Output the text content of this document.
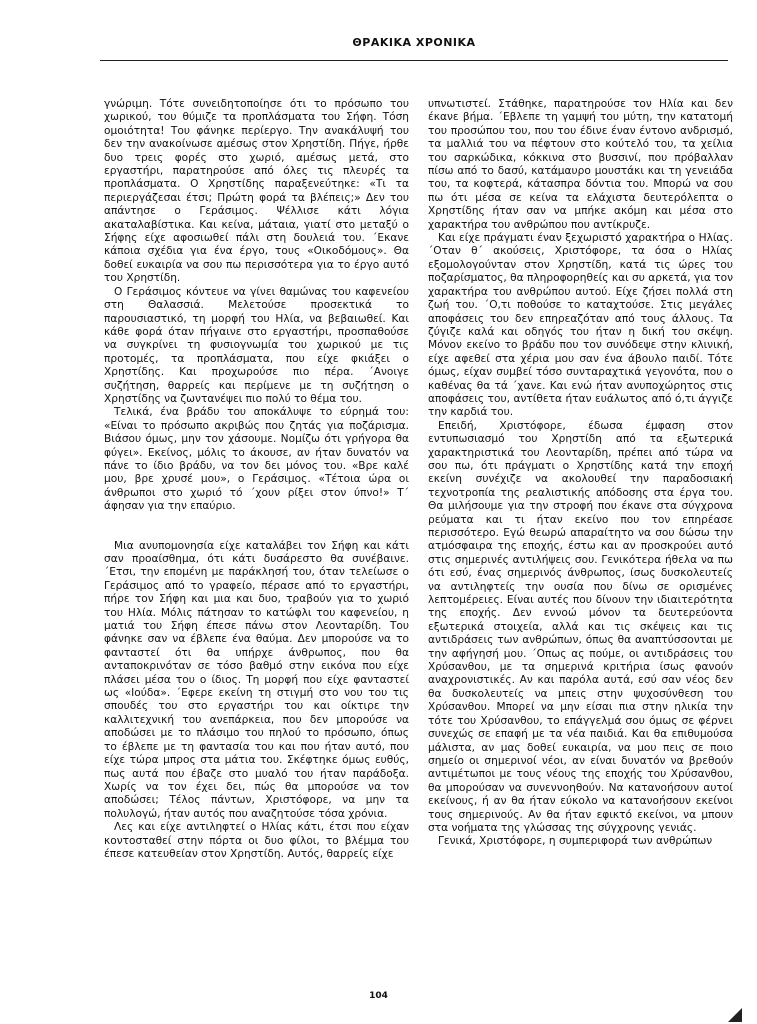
ΘΡΑΚΙΚΑ ΧΡΟΝΙΚΑ

γνώριμη. Τότε συνειδητοποίησε ότι το πρόσωπο του χωρικού, του θύμιζε τα προπλάσματα του Σήφη. Τόση ομοιότητα! Του φάνηκε περίεργο. Την ανακάλυψή του δεν την ανακοίνωσε αμέσως στον Χρηστίδη. Πήγε, ήρθε δυο τρεις φορές στο χωριό, αμέσως μετά, στο εργαστήρι, παρατηρούσε από όλες τις πλευρές τα προπλάσματα. Ο Χρηστίδης παραξενεύτηκε: «Τι τα περιεργάζεσαι έτσι; Πρώτη φορά τα βλέπεις;» Δεν του απάντησε ο Γεράσιμος. Ψέλλισε κάτι λόγια ακαταλαβίστικα. Και κείνα, μάταια, γιατί στο μεταξύ ο Σήφης είχε αφοσιωθεί πάλι στη δουλειά του. ΄Εκανε κάποια σχέδια για ένα έργο, τους «Οικοδόμους». Θα δοθεί ευκαιρία να σου πω περισσότερα για το έργο αυτό του Χρηστίδη.

Ο Γεράσιμος κόντευε να γίνει θαμώνας του καφενείου στη Θαλασσιά. Μελετούσε προσεκτικά το παρουσιαστικό, τη μορφή του Ηλία, να βεβαιωθεί. Και κάθε φορά όταν πήγαινε στο εργαστήρι, προσπαθούσε να συγκρίνει τη φυσιογνωμία του χωρικού με τις προτομές, τα προπλάσματα, που είχε φκιάξει ο Χρηστίδης. Και προχωρούσε πιο πέρα. ΄Ανοιγε συζήτηση, θαρρείς και περίμενε με τη συζήτηση ο Χρηστίδης να ζωντανέψει πιο πολύ το θέμα του.

Τελικά, ένα βράδυ του αποκάλυψε το εύρημά του: «Είναι το πρόσωπο ακριβώς που ζητάς για ποζάρισμα. Βιάσου όμως, μην τον χάσουμε. Νομίζω ότι γρήγορα θα φύγει». Εκείνος, μόλις το άκουσε, αν ήταν δυνατόν να πάνε το ίδιο βράδυ, να τον δει μόνος του. «Βρε καλέ μου, βρε χρυσέ μου», ο Γεράσιμος. «Τέτοια ώρα οι άνθρωποι στο χωριό τό ΄χουν ρίξει στον ύπνο!» Τ΄ άφησαν για την επαύριο.

Μια ανυπομονησία είχε καταλάβει τον Σήφη και κάτι σαν προαίσθημα, ότι κάτι δυσάρεστο θα συνέβαινε. ΄Ετσι, την επομένη με παράκλησή του, όταν τελείωσε ο Γεράσιμος από το γραφείο, πέρασε από το εργαστήρι, πήρε τον Σήφη και μια και δυο, τραβούν για το χωριό του Ηλία. Μόλις πάτησαν το κατώφλι του καφενείου, η ματιά του Σήφη έπεσε πάνω στον Λεονταρίδη. Του φάνηκε σαν να έβλεπε ένα θαύμα. Δεν μπορούσε να το φανταστεί ότι θα υπήρχε άνθρωπος, που θα ανταποκρινόταν σε τόσο βαθμό στην εικόνα που είχε πλάσει μέσα του ο ίδιος. Τη μορφή που είχε φανταστεί ως «Ιούδα». ΄Εφερε εκείνη τη στιγμή στο νου του τις σπουδές του στο εργαστήρι του και οίκτιρε την καλλιτεχνική του ανεπάρκεια, που δεν μπορούσε να αποδώσει με το πλάσιμο του πηλού το πρόσωπο, όπως το έβλεπε με τη φαντασία του και που ήταν αυτό, που είχε τώρα μπρος στα μάτια του. Σκέφτηκε όμως ευθύς, πως αυτά που έβαζε στο μυαλό του ήταν παράδοξα. Χωρίς να τον έχει δει, πώς θα μπορούσε να τον αποδώσει; Τέλος πάντων, Χριστόφορε, να μην τα πολυλογώ, ήταν αυτός που αναζητούσε τόσα χρόνια.

Λες και είχε αντιληφτεί ο Ηλίας κάτι, έτσι που είχαν κοντοσταθεί στην πόρτα οι δυο φίλοι, το βλέμμα του έπεσε κατευθείαν στον Χρηστίδη. Αυτός, θαρρείς είχε

υπνωτιστεί. Στάθηκε, παρατηρούσε τον Ηλία και δεν έκανε βήμα. ΄Εβλεπε τη γαμψή του μύτη, την κατατομή του προσώπου του, που του έδινε έναν έντονο ανδρισμό, τα μαλλιά του να πέφτουν στο κούτελό του, τα χείλια του σαρκώδικα, κόκκινα στο βυσσινί, που πρόβαλλαν πίσω από το δασύ, κατάμαυρο μουστάκι και τη γενειάδα του, τα κοφτερά, κάτασπρα δόντια του. Μπορώ να σου πω ότι μέσα σε κείνα τα ελάχιστα δευτερόλεπτα ο Χρηστίδης ήταν σαν να μπήκε ακόμη και μέσα στο χαρακτήρα του ανθρώπου που αντίκρυζε.

Και είχε πράγματι έναν ξεχωριστό χαρακτήρα ο Ηλίας. ΄Οταν θ΄ ακούσεις, Χριστόφορε, τα όσα ο Ηλίας εξομολογούνταν στον Χρηστίδη, κατά τις ώρες του ποζαρίσματος, θα πληροφορηθείς και συ αρκετά, για τον χαρακτήρα του ανθρώπου αυτού. Είχε ζήσει πολλά στη ζωή του. ΄Ο,τι ποθούσε το καταχτούσε. Στις μεγάλες αποφάσεις του δεν επηρεαζόταν από τους άλλους. Τα ζύγιζε καλά και οδηγός του ήταν η δική του σκέψη. Μόνον εκείνο το βράδυ που τον συνόδεψε στην κλινική, είχε αφεθεί στα χέρια μου σαν ένα άβουλο παιδί. Τότε όμως, είχαν συμβεί τόσο συνταραχτικά γεγονότα, που ο καθένας θα τά ΄χανε. Και ενώ ήταν ανυποχώρητος στις αποφάσεις του, αντίθετα ήταν ευάλωτος από ό,τι άγγιζε την καρδιά του.

Επειδή, Χριστόφορε, έδωσα έμφαση στον εντυπωσιασμό του Χρηστίδη από τα εξωτερικά χαρακτηριστικά του Λεονταρίδη, πρέπει από τώρα να σου πω, ότι πράγματι ο Χρηστίδης κατά την εποχή εκείνη συνέχιζε να ακολουθεί την παραδοσιακή τεχνοτροπία της ρεαλιστικής απόδοσης στα έργα του. Θα μιλήσουμε για την στροφή που έκανε στα σύγχρονα ρεύματα και τι ήταν εκείνο που τον επηρέασε περισσότερο. Εγώ θεωρώ απαραίτητο να σου δώσω την ατμόσφαιρα της εποχής, έστω και αν προσκρούει αυτό στις σημερινές αντιλήψεις σου. Γενικότερα ήθελα να πω ότι εσύ, ένας σημερινός άνθρωπος, ίσως δυσκολευτείς να αντιληφτείς την ουσία που δίνω σε ορισμένες λεπτομέρειες. Είναι αυτές που δίνουν την ιδιαιτερότητα της εποχής. Δεν εννοώ μόνον τα δευτερεύοντα εξωτερικά στοιχεία, αλλά και τις σκέψεις και τις αντιδράσεις των ανθρώπων, όπως θα αναπτύσσονται με την αφήγησή μου. ΄Οπως ας πούμε, οι αντιδράσεις του Χρύσανθου, με τα σημερινά κριτήρια ίσως φανούν αναχρονιστικές. Αν και παρόλα αυτά, εσύ σαν νέος δεν θα δυσκολευτείς να μπεις στην ψυχοσύνθεση του Χρύσανθου. Μπορεί να μην είσαι πια στην ηλικία την τότε του Χρύσανθου, το επάγγελμά σου όμως σε φέρνει συνεχώς σε επαφή με τα νέα παιδιά. Και θα επιθυμούσα μάλιστα, αν μας δοθεί ευκαιρία, να μου πεις σε ποιο σημείο οι σημερινοί νέοι, αν είναι δυνατόν να βρεθούν αντιμέτωποι με τους νέους της εποχής του Χρύσανθου, θα μπορούσαν να συνεννοηθούν. Να κατανοήσουν αυτοί εκείνους, ή αν θα ήταν εύκολο να κατανοήσουν εκείνοι τους σημερινούς. Αν θα ήταν εφικτό εκείνοι, να μπουν στα νοήματα της γλώσσας της σύγχρονης γενιάς.

Γενικά, Χριστόφορε, η συμπεριφορά των ανθρώπων

104
